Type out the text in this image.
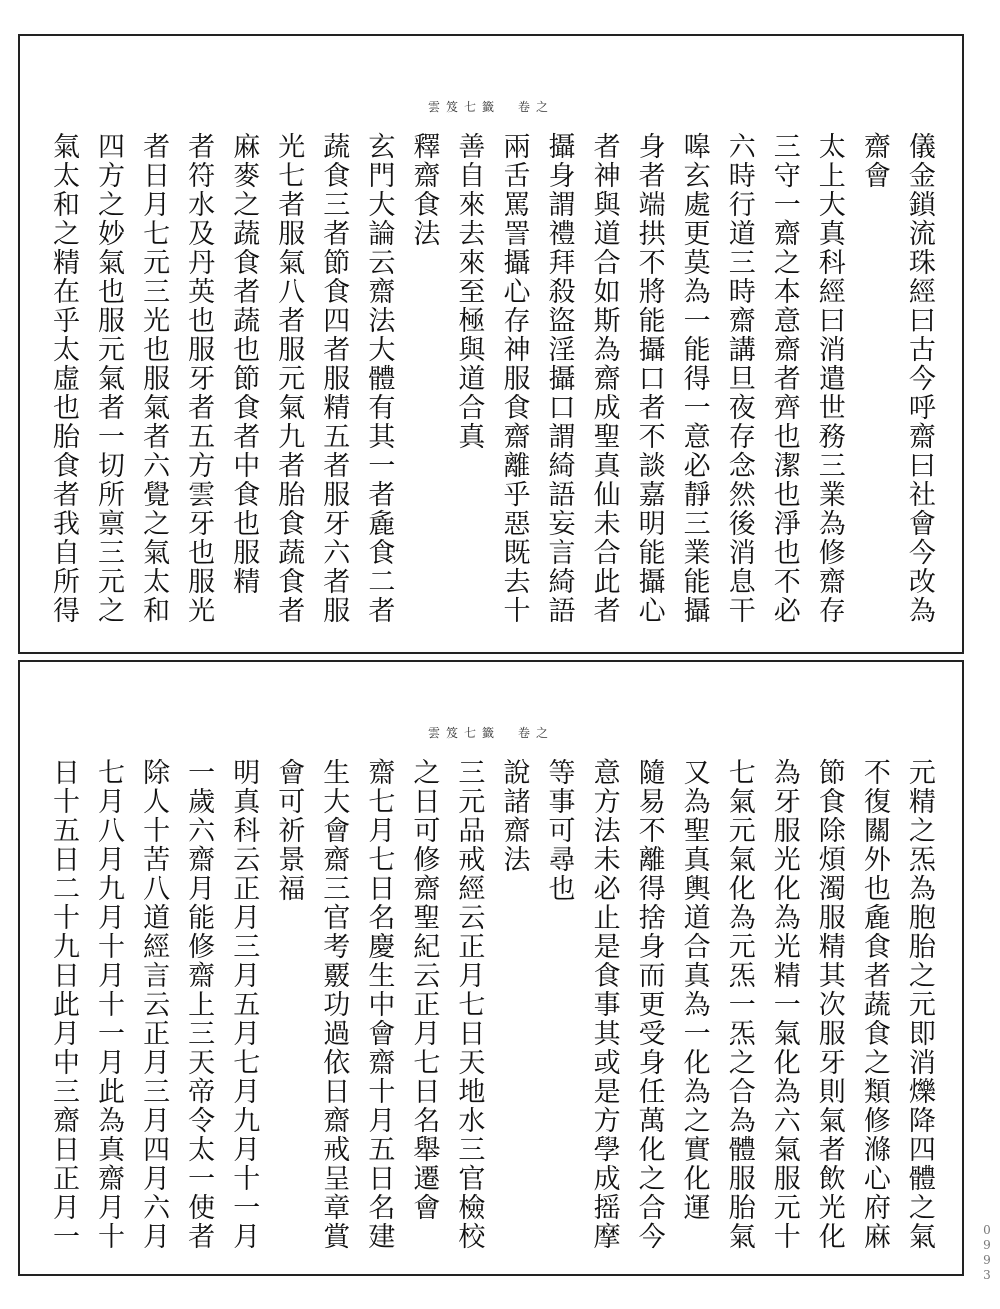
雲笈七籤　卷之
儀金鎖流珠經曰古今呼齋曰社會今改為
齋會
太上大真科經曰消遣世務三業為修齋存
三守一齋之本意齋者齊也潔也淨也不必
六時行道三時齋講旦夜存念然後消息干
嗥玄處更莫為一能得一意必靜三業能攝
身者端拱不將能攝口者不談嘉明能攝心
者神與道合如斯為齋成聖真仙未合此者
攝身謂禮拜殺盜淫攝口謂綺語妄言綺語
兩舌罵詈攝心存神服食齋離乎惡既去十
善自來去來至極與道合真
釋齋食法
玄門大論云齋法大體有其一者麁食二者
蔬食三者節食四者服精五者服牙六者服
光七者服氣八者服元氣九者胎食蔬食者
麻麥之蔬食者蔬也節食者中食也服精
者符水及丹英也服牙者五方雲牙也服光
者日月七元三光也服氣者六覺之氣太和
四方之妙氣也服元氣者一切所禀三元之
氣太和之精在乎太虛也胎食者我自所得
雲笈七籤　卷之
元精之炁為胞胎之元即消爍降四體之氣
不復關外也麁食者蔬食之類修滌心府麻
節食除煩濁服精其次服牙則氣者飲光化
為牙服光化為光精一氣化為六氣服元十
七氣元氣化為元炁一炁之合為體服胎氣
又為聖真輿道合真為一化為之實化運
隨易不離得捨身而更受身任萬化之合今
意方法未必止是食事其或是方學成摇摩
等事可尋也
說諸齋法
三元品戒經云正月七日天地水三官檢校
之日可修齋聖紀云正月七日名舉遷會
齋七月七日名慶生中會齋十月五日名建
生大會齋三官考覈功過依日齋戒呈章賞
會可祈景福
明真科云正月三月五月七月九月十一月
一歲六齋月能修齋上三天帝令太一使者
除人十苦八道經言云正月三月四月六月
七月八月九月十月十一月此為真齋月十
日十五日二十九日此月中三齋日正月一
0993
